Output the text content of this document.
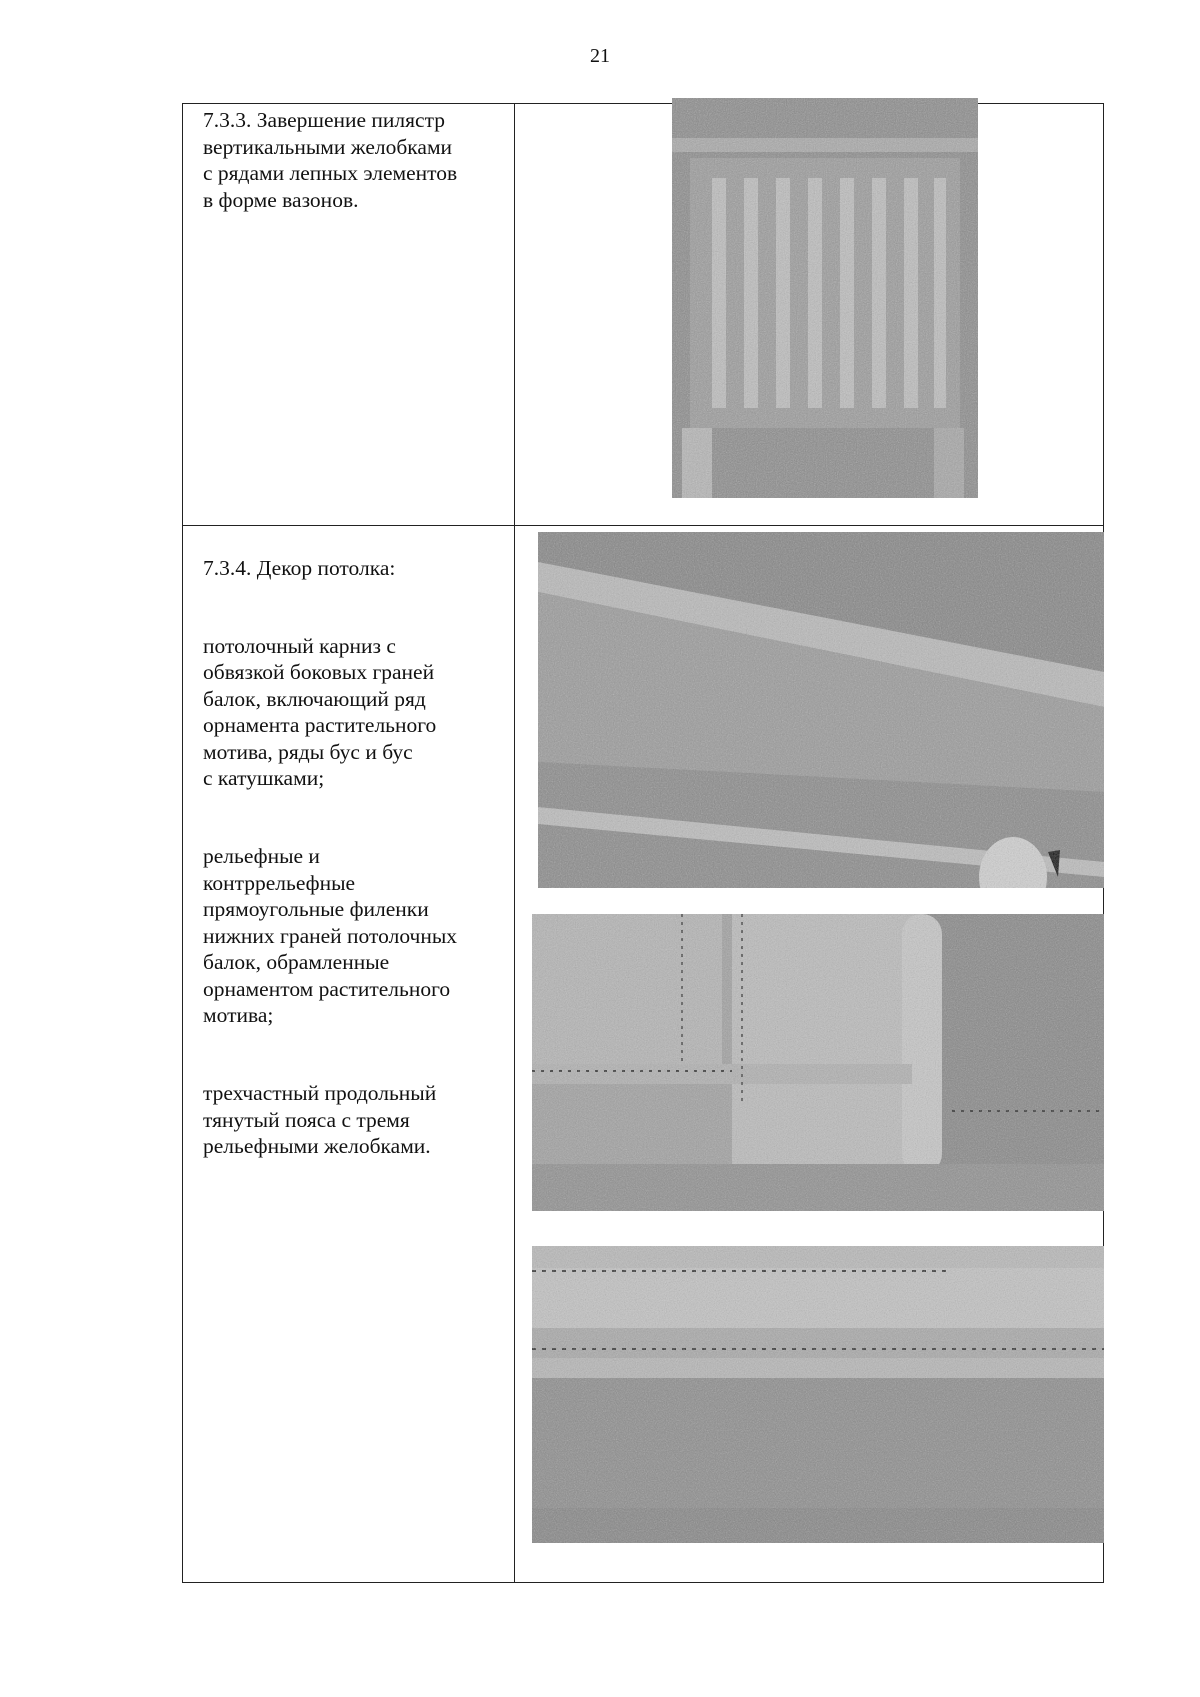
21
7.3.3. Завершение пилястр
вертикальными желобками
с рядами лепных элементов
в форме вазонов.

7.3.4. Декор потолка:

потолочный карниз с
обвязкой боковых граней
балок, включающий ряд
орнамента растительного
мотива, ряды бус и бус
с катушками;

рельефные и
контррельефные
прямоугольные филенки
нижних граней потолочных
балок, обрамленные
орнаментом растительного
мотива;

трехчастный продольный
тянутый пояса с тремя
рельефными желобками.
